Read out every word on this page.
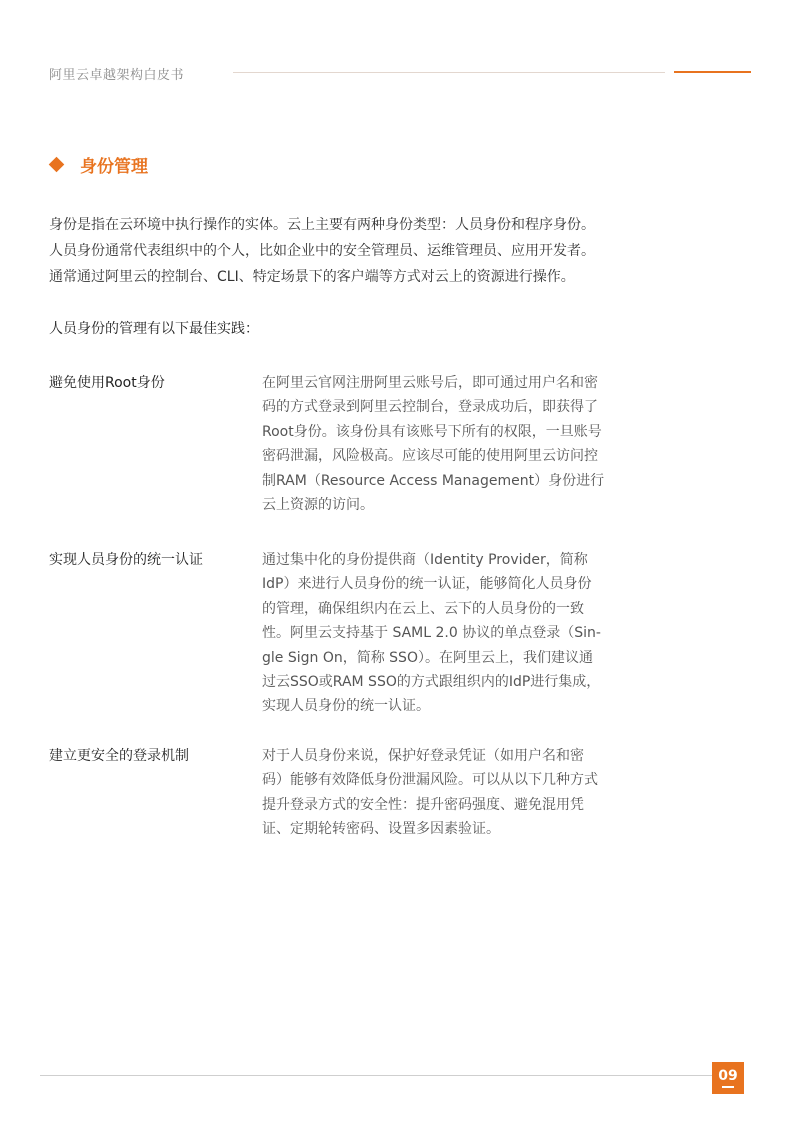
阿里云卓越架构白皮书
身份管理

身份是指在云环境中执行操作的实体。云上主要有两种身份类型：人员身份和程序身份。

人员身份通常代表组织中的个人，比如企业中的安全管理员、运维管理员、应用开发者。

通常通过阿里云的控制台、CLI、特定场景下的客户端等方式对云上的资源进行操作。

人员身份的管理有以下最佳实践：
避免使用Root身份	在阿里云官网注册阿里云账号后，即可通过用户名和密
码的方式登录到阿里云控制台，登录成功后，即获得了
Root身份。该身份具有该账号下所有的权限，一旦账号
密码泄漏，风险极高。应该尽可能的使用阿里云访问控
制RAM（Resource Access Management）身份进行
云上资源的访问。
实现人员身份的统一认证	通过集中化的身份提供商（Identity Provider，简称
IdP）来进行人员身份的统一认证，能够简化人员身份
的管理，确保组织内在云上、云下的人员身份的一致
性。阿里云支持基于 SAML 2.0 协议的单点登录（Sin-
gle Sign On，简称 SSO）。在阿里云上，我们建议通
过云SSO或RAM SSO的方式跟组织内的IdP进行集成，
实现人员身份的统一认证。
建立更安全的登录机制	对于人员身份来说，保护好登录凭证（如用户名和密
码）能够有效降低身份泄漏风险。可以从以下几种方式
提升登录方式的安全性：提升密码强度、避免混用凭
证、定期轮转密码、设置多因素验证。
09
